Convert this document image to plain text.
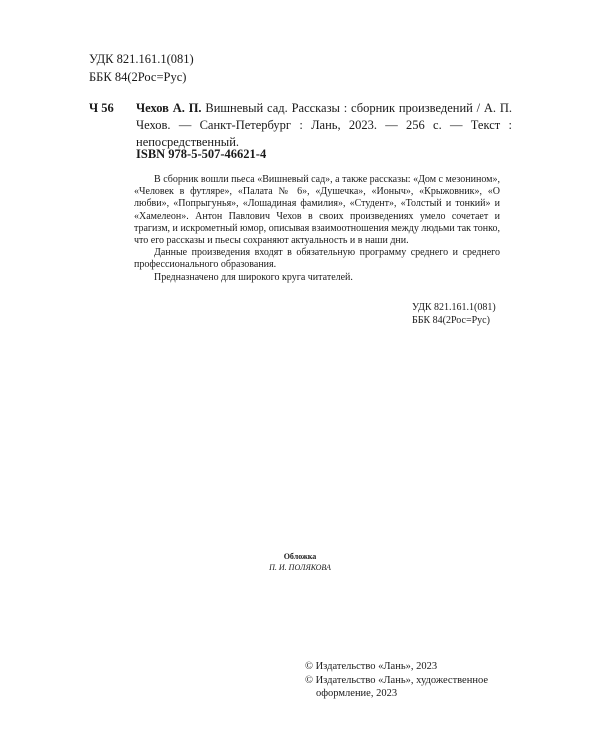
УДК 821.161.1(081)
ББК 84(2Рос=Рус)
Ч 56 Чехов А. П. Вишневый сад. Рассказы : сборник произведений / А. П. Чехов. — Санкт-Петербург : Лань, 2023. — 256 с. — Текст : непосредственный.
ISBN 978-5-507-46621-4

В сборник вошли пьеса «Вишневый сад», а также рассказы: «Дом с мезонином», «Человек в футляре», «Палата № 6», «Душечка», «Ионыч», «Крыжовник», «О любви», «Попрыгунья», «Лошадиная фамилия», «Студент», «Толстый и тонкий» и «Хамелеон». Антон Павлович Чехов в своих произведениях умело сочетает и трагизм, и искрометный юмор, описывая взаимоотношения между людьми так тонко, что его рассказы и пьесы сохраняют актуальность и в наши дни.

Данные произведения входят в обязательную программу среднего и среднего профессионального образования.

Предназначено для широкого круга читателей.

УДК 821.161.1(081)
ББК 84(2Рос=Рус)
Обложка
П. И. ПОЛЯКОВА
© Издательство «Лань», 2023
© Издательство «Лань», художественное оформление, 2023
